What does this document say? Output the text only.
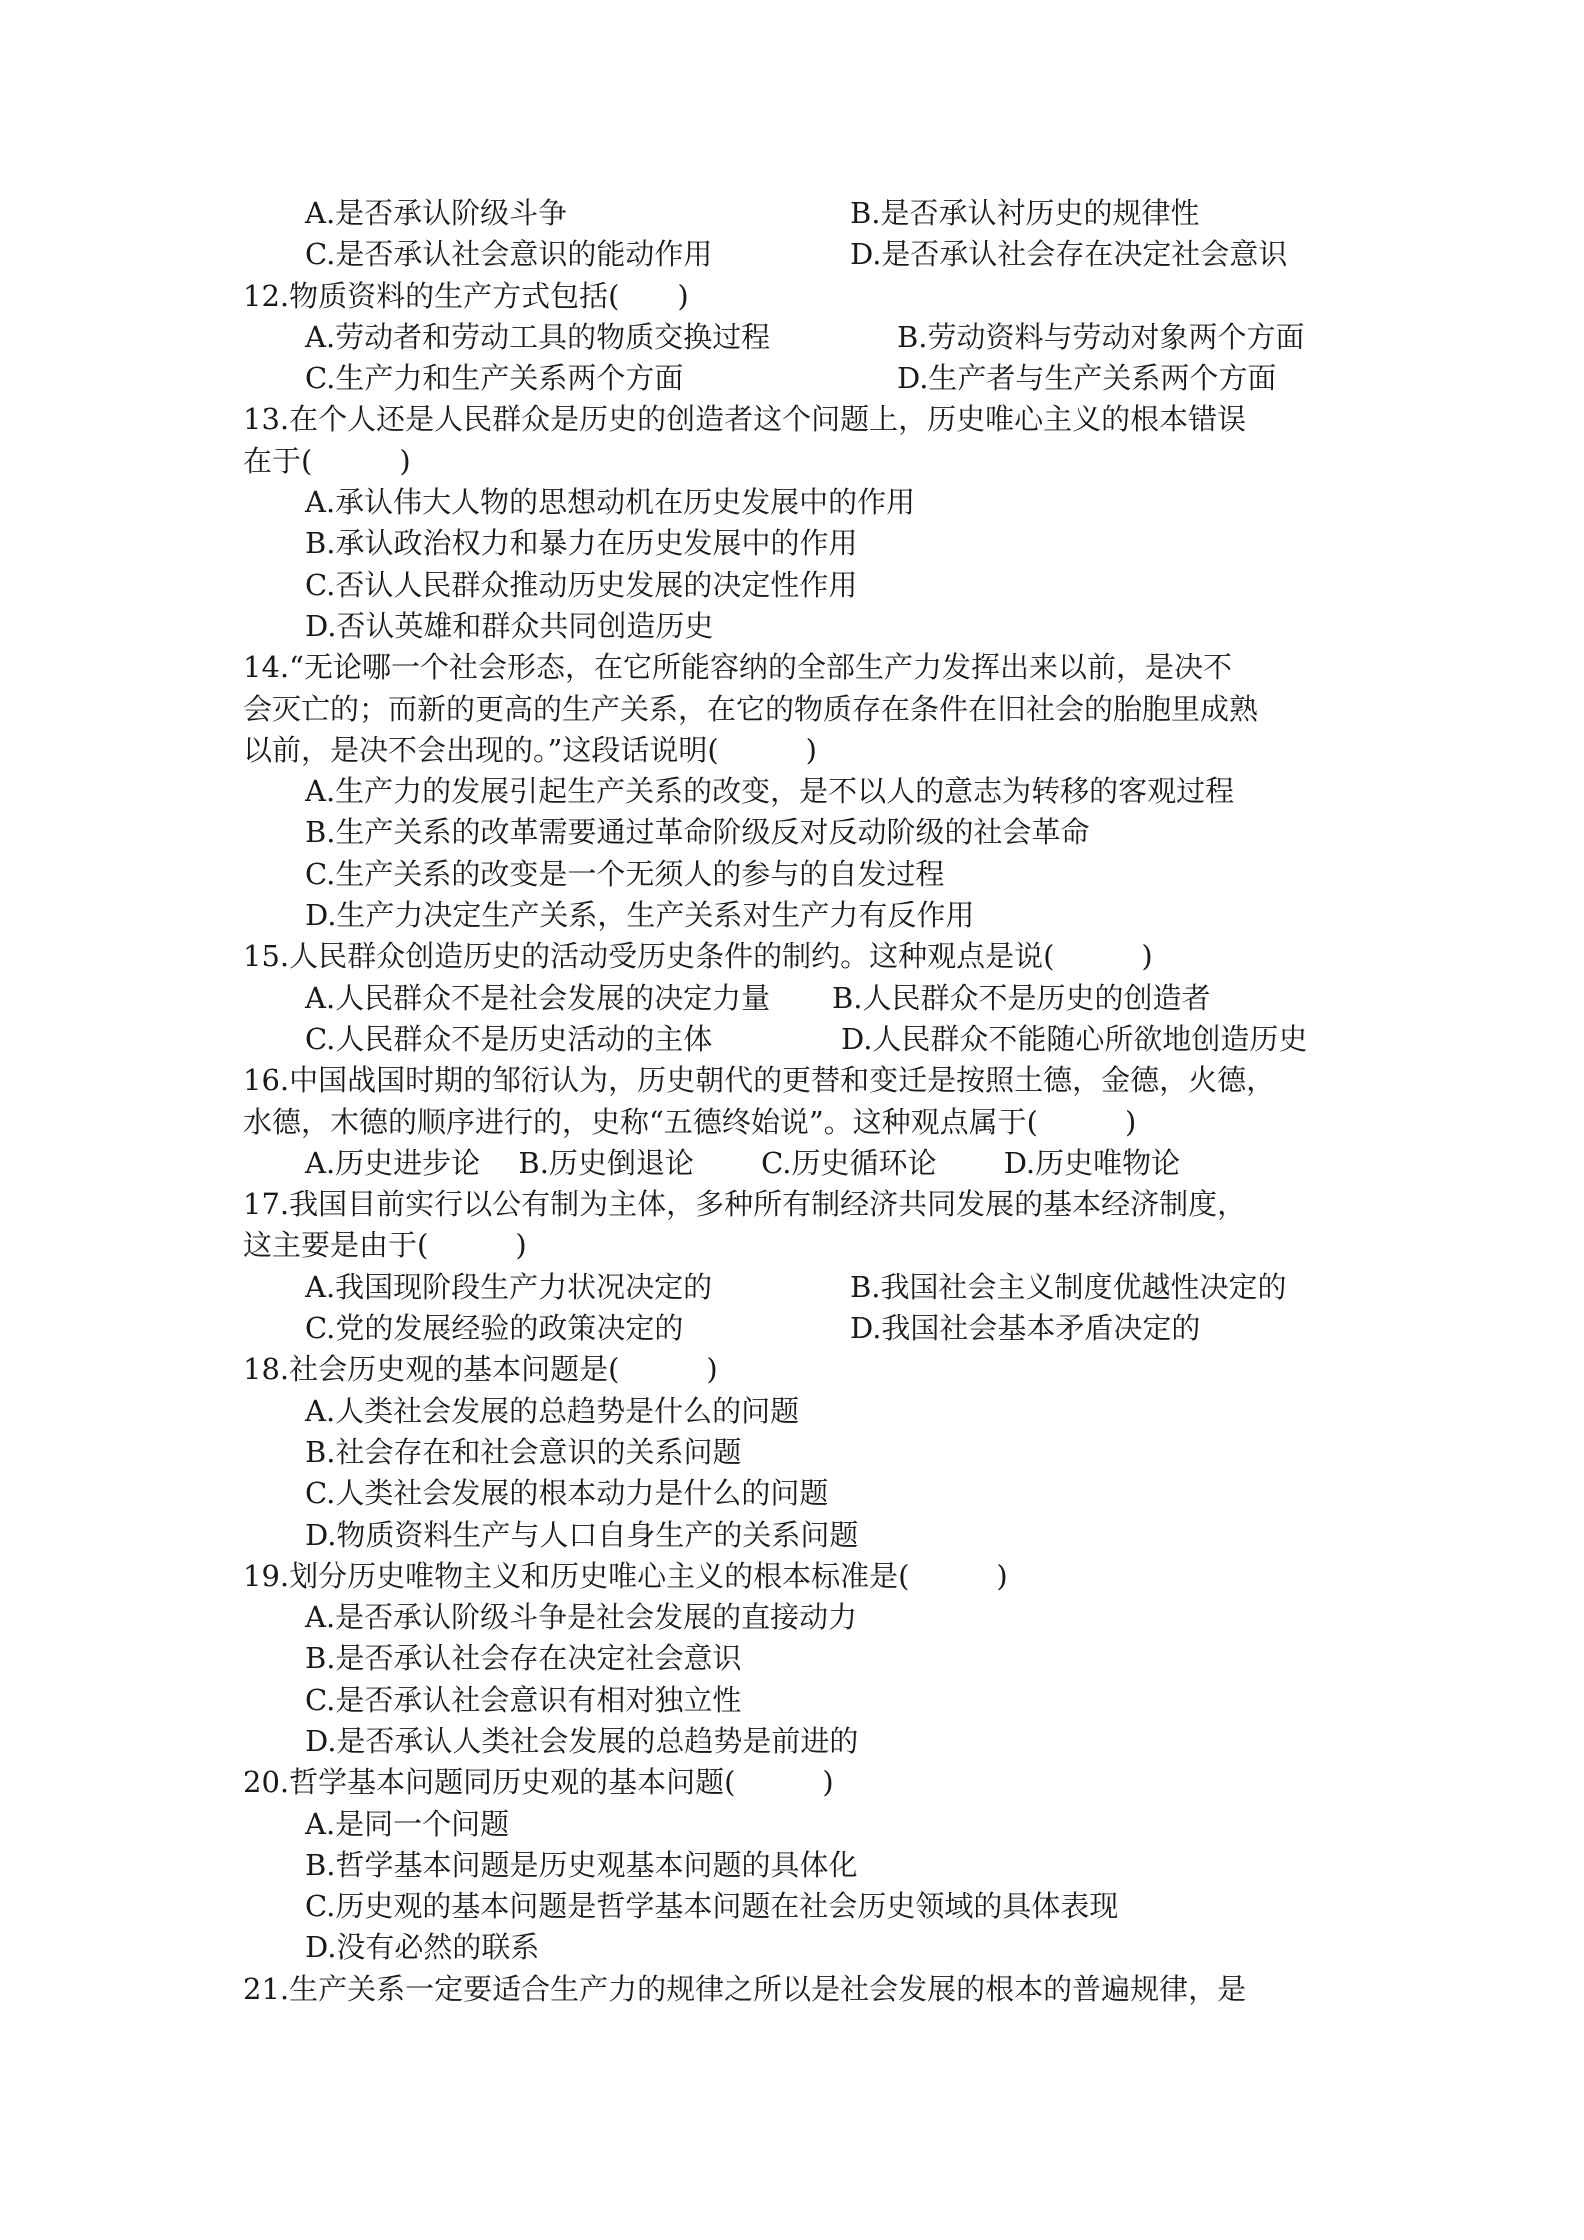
A.是否承认阶级斗争	B.是否承认衬历史的规律性
C.是否承认社会意识的能动作用	D.是否承认社会存在决定社会意识
12.物质资料的生产方式包括(　　)
A.劳动者和劳动工具的物质交换过程	B.劳动资料与劳动对象两个方面
C.生产力和生产关系两个方面	D.生产者与生产关系两个方面
13.在个人还是人民群众是历史的创造者这个问题上，历史唯心主义的根本错误
在于(　　　)
A.承认伟大人物的思想动机在历史发展中的作用
B.承认政治权力和暴力在历史发展中的作用
C.否认人民群众推动历史发展的决定性作用
D.否认英雄和群众共同创造历史
14.“无论哪一个社会形态，在它所能容纳的全部生产力发挥出来以前，是决不
会灭亡的；而新的更高的生产关系，在它的物质存在条件在旧社会的胎胞里成熟
以前，是决不会出现的。”这段话说明(　　　)
A.生产力的发展引起生产关系的改变，是不以人的意志为转移的客观过程
B.生产关系的改革需要通过革命阶级反对反动阶级的社会革命
C.生产关系的改变是一个无须人的参与的自发过程
D.生产力决定生产关系，生产关系对生产力有反作用
15.人民群众创造历史的活动受历史条件的制约。这种观点是说(　　　)
A.人民群众不是社会发展的决定力量 B.人民群众不是历史的创造者
C.人民群众不是历史活动的主体	D.人民群众不能随心所欲地创造历史
16.中国战国时期的邹衍认为，历史朝代的更替和变迁是按照土德，金德，火德，
水德，木德的顺序进行的，史称“五德终始说”。这种观点属于(　　　)
A.历史进步论　 B.历史倒退论　　 C.历史循环论　　 D.历史唯物论
17.我国目前实行以公有制为主体，多种所有制经济共同发展的基本经济制度，
这主要是由于(　　　)
A.我国现阶段生产力状况决定的	B.我国社会主义制度优越性决定的
C.党的发展经验的政策决定的	D.我国社会基本矛盾决定的
18.社会历史观的基本问题是(　　　)
A.人类社会发展的总趋势是什么的问题
B.社会存在和社会意识的关系问题
C.人类社会发展的根本动力是什么的问题
D.物质资料生产与人口自身生产的关系问题
19.划分历史唯物主义和历史唯心主义的根本标准是(　　　)
A.是否承认阶级斗争是社会发展的直接动力
B.是否承认社会存在决定社会意识
C.是否承认社会意识有相对独立性
D.是否承认人类社会发展的总趋势是前进的
20.哲学基本问题同历史观的基本问题(　　　)
A.是同一个问题
B.哲学基本问题是历史观基本问题的具体化
C.历史观的基本问题是哲学基本问题在社会历史领域的具体表现
D.没有必然的联系
21.生产关系一定要适合生产力的规律之所以是社会发展的根本的普遍规律，是
